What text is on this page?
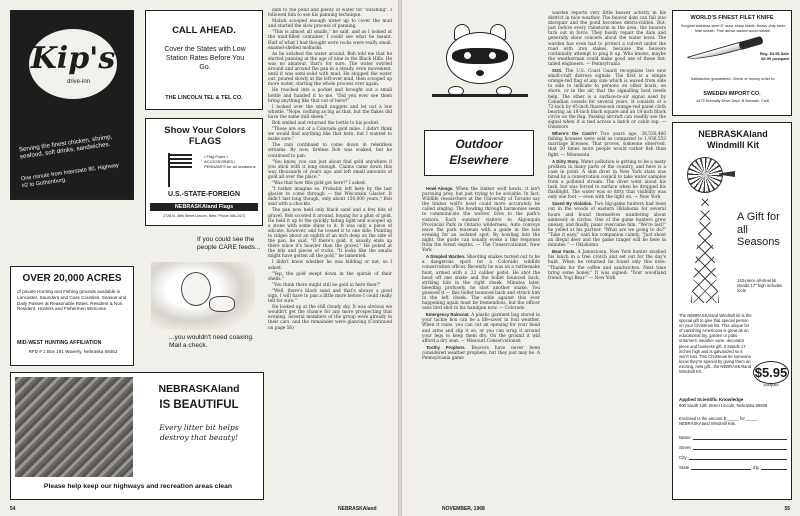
Kip's
drive-inn
Serving the finest chicken, shrimp, seafood, soft drinks, sandwiches.
One minute from Interstate 80, Highway #2 to Gothenburg.
CALL AHEAD.
Cover the States with Low Station Rates Before You Go.
THE LINCOLN TEL & TEL CO.
Show Your Colors FLAGS
• Flag Poles • ACCESSORIES • PENNANTS for all occasions
U.S.-STATE-FOREIGN
NEBRASKAland Flags
2726 N. 48th Street Lincoln, Nebr. Phone 466-2473
OVER 20,000 ACRES
of private Hunting and Fishing grounds available in Lancaster, Saunders and Cass Counties. Season and Daily Passes at Reasonable Rates. Resident & Non Resident. Hunters and Fishermen Welcome
MID-WEST HUNTING AFFILIATION
RFD # 1 Box 191 Waverly, Nebraska 68462
If you could see the people CARE feeds...
...you wouldn't need coaxing. Mail a check.
NEBRASKAland
IS BEAUTIFUL
Every litter bit helps destroy that beauty!
Please help keep our highways and recreation areas clean

dam to the pond and plenty of water for "swishing". I followed him to see his panning technique.

Malick scooped enough water up to cover the mud and started the slow process of panning.

"This is almost all smalls," he said, and as I looked at the mud-filled container, I could see what he meant. Half of what I had thought were rocks were really small, enamel-shelled mollusks.

As he swished the water around, Bob told me that he started panning at the age of nine in the Black Hills. He was no amateur, that's for sure. The water swirled around and around the pan in a steady, even movement, until it was semi-solid with mud. He stopped the water out, poured slowly at the left-over mud, then scooped up more water, starting the whole process over again.

He reached into a pocket and brought out a small bottle and handed it to me. "Did you ever see them bring anything like that out of here?"

I looked over the small nuggets and let out a low whistle. "Nope, nothing as big as that, but the flakes did have the same dull sheen."

Bob smiled and returned the bottle to his pocket.

"Those are out of a Colorado gold mine. I didn't think we would find anything like that here, but I wanted to make sure."

The rain continued to come down in relentless streams. By now, tireless Bob was soaked, but he continued to pan.

"You know, you can just about find gold anywhere if you stick with it long enough. Claims came down this way thousands of years ago and left small amounts of gold all over the place."

"Was that how this gold got here?" I asked.

"I rather imagine so. Probably left here by the last glacier to come through — the Wisconsin Glacier. It didn't last long though, only about 150,000 years," Bob said with a chuckle.

The pan now held only black sand and a few bits of gravel. Bob scooted it around, hoping for a glint of gold. He held it up to the quickly fading light and scooped up a stone with some shine to it. It was only a piece of silicate, however, and he tossed it to one side. Pointing to ridges about an eighth of an inch deep on the side of the pan, he said, "If there's gold, it usually ends up there since it's heavier than the gravel." He poked at the bits and pieces of rocks. "It looks like the smalls might have gotten all the gold," he lamented.

I didn't know whether he was kidding or not, so I asked.

"Yep, the gold swept down in the spirals of their shells."

"You think there might still be gold in here then?"

"Well, there's black sand and that's always a good sign. I will have to pan a little more before I could really tell for sure."

He looked up at the still cloudy sky. It was obvious we wouldn't get the chance for any more prospecting that evening. Several members of the group were already in their cars, and the remainder were glancing (Continued on page 56)

54	NEBRASKAland
Outdoor
Elsewhere

Howl-Alongs. When the timber wolf howls, it isn't pursuing prey, but just trying to be sociable. In fact, Wildlife researchers at the University of Toronto say the timber wolf's howl could more accurately be called singing. The howling through harmonies seem to communicate the wolves' lives to the park's visitors. Each summer visitors to Algonquin Provincial Park in Ontario wilderness. Auto convoys leave the park museum with a guide in the late evening for an isolated spot. By howling into the night, the guide can usually evoke a like response from the forest depths. — The Conservationist, New York

A Dimpled Warden. Shooting snakes turned out to be a dangerous sport for a Colorado wildlife conservation officer. Recently he was on a rattlesnake hunt, armed with a .22 caliber pistol. He shot the head off one snake and the bullet bounced back, striking him in the right cheek. Minutes later, bleeding profusely, he shot another snake. You guessed it — this bullet bounced back and struck him in the left cheek. The odds against this ever happening again must be tremendous, but the officer uses bird shot in his handgun now. — Colorado

Emergency Raincoat. A plastic garment bag stored in your tackle box can be a life-saver in foul weather. When it rains, you can cut an opening for your head and arms and slip it on, or you can wrap it around your legs to keep them dry. On the ground it will afford a dry seat. — Missouri Conservationist

Toothy Prophets. Beavers have never been considered weather prophets, but they just may be. A Pennsylvania game

warden reports very little beaver activity in his district in nice weather. The beaver dam can fall into disrepair and the pond becomes debris-ridden. But, just before every rainstorm in the area, the beavers turn out in force. They busily repair the dam and generally show concern about the water level. The warden has even had to protect a culvert under the road with iron stakes, because the beavers continually attempt to plug it up. Who knows, maybe the weatherman could make good use of these flat-tailed engineers. — Pennsylvania

SOS. The U.S. Coast Guard recognizes two new small-craft distress signals. The first is a simple orange-red flag of any size which is waved from side to side to indicate to persons on other boats, on shore, or in the air, that the signalling boat needs help. The other is a surface-to-air signal used by Canadian vessels for several years. It consists of a 72-inch by 45-inch fluorescent orange-red panel cloth bearing an 18-inch black square and an 18-inch black circle on the flag. Passing aircraft can readily see the signal when it is tied across a hatch or cabin top. — Outdoors

Where's the Catch? Two years ago, 38,530,460 fishing licenses were sold as compared to 1,936,553 marriage licenses. That proves, someone observed, that 20 times more people would rather fish than fight. — Minnesota

A Dirty Story. Water pollution is getting to be a nasty problem in many parts of the country, and here is a case in point. A skin diver in New York state was hired by a conservation council to take water samples from a polluted stream. The diver went about his task, but was forced to surface when he dropped his flashlight. The water was so dirty that visibility was only one foot — even with the light on. — New York

Saved By Violation. Two big-game hunters had been out in the woods of eastern Oklahoma for several hours and found themselves wandering about aimlessly in circles. One of the game hunters grew uneasy, and finally, panic overcame him. "We're lost!" he yelled at his partner. "What are we going to do?" "Take it easy," said his companion calmly. "Just shoot an illegal deer and the game ranger will be here in minutes." — Oklahoma

Bear Facts. A Jamestown, New York hunter stashed his lunch in a tree crotch and set out for the day's hunt. When he returned he found only this note: "Thanks for the coffee and sandwiches. Next time bring some honey." It was signed: "Your woodland friend, Yogi Bear." — New York

WORLD'S FINEST FILET KNIFE
Surgical stainless steel 6" razor sharp blade. Heavy duty steer hide sheath. Fine dense waxed wood handle.
Reg. $3.95 Sale $2.95 postpaid
Satisfaction guaranteed. Check or money order to:
SWEDEN IMPORT CO.
4475 Nunnally Drive Dept. B Norwalk, Calif.
NEBRASKAland Windmill Kit
A Gift for all Seasons
143-piece all-steel kit stands 17" high includes tools
The NEBRASKAland Windmill kit is the special gift to give that special person on your Christmas list. This unique bit of vanishing Americana is great as an educational toy, garden or patio ornament, weather vane, decorator piece and business gift. It stands 17 inches high and is galvanized so it won't rust. This Christmas let someone know they're special by giving them an exciting, new gift...the NEBRASKAland Windmill Kit.	$5.95
postpaid
Applied Scientific Knowledge
800 South 13th Street Lincoln, Nebraska 68508
Enclosed is the amount $ _____ for _____ NEBRASKAland Windmill Kits.
Name
Street
City
State	Zip
NOVEMBER, 1968	55
